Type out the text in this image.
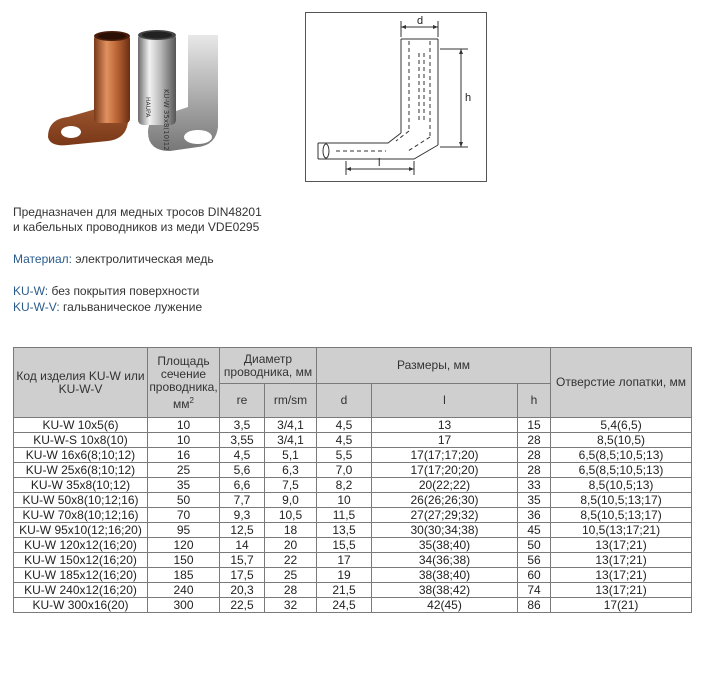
KU-W 35x8(10)12
HAUPA
d
h
l
Предназначен для медных тросов DIN48201
и кабельных проводников из меди VDE0295
Материал: электролитическая медь
KU-W: без покрытия поверхности
KU-W-V: гальваническое лужение
Код изделия KU-W или KU-W-V	Площадь сечение проводника, $мм^2$	Диаметр проводника, мм		Размеры, мм			Отверстие лопатки, мм
		re	rm/sm	d	l	h	
KU-W 10x5(6)	10	3,5	3/4,1	4,5	13	15	5,4(6,5)
KU-W-S 10x8(10)	10	3,55	3/4,1	4,5	17	28	8,5(10,5)
KU-W 16x6(8;10;12)	16	4,5	5,1	5,5	17(17;17;20)	28	6,5(8,5;10,5;13)
KU-W 25x6(8;10;12)	25	5,6	6,3	7,0	17(17;20;20)	28	6,5(8,5;10,5;13)
KU-W 35x8(10;12)	35	6,6	7,5	8,2	20(22;22)	33	8,5(10,5;13)
KU-W 50x8(10;12;16)	50	7,7	9,0	10	26(26;26;30)	35	8,5(10,5;13;17)
KU-W 70x8(10;12;16)	70	9,3	10,5	11,5	27(27;29;32)	36	8,5(10,5;13;17)
KU-W 95x10(12;16;20)	95	12,5	18	13,5	30(30;34;38)	45	10,5(13;17;21)
KU-W 120x12(16;20)	120	14	20	15,5	35(38;40)	50	13(17;21)
KU-W 150x12(16;20)	150	15,7	22	17	34(36;38)	56	13(17;21)
KU-W 185x12(16;20)	185	17,5	25	19	38(38;40)	60	13(17;21)
KU-W 240x12(16;20)	240	20,3	28	21,5	38(38;42)	74	13(17;21)
KU-W 300x16(20)	300	22,5	32	24,5	42(45)	86	17(21)
